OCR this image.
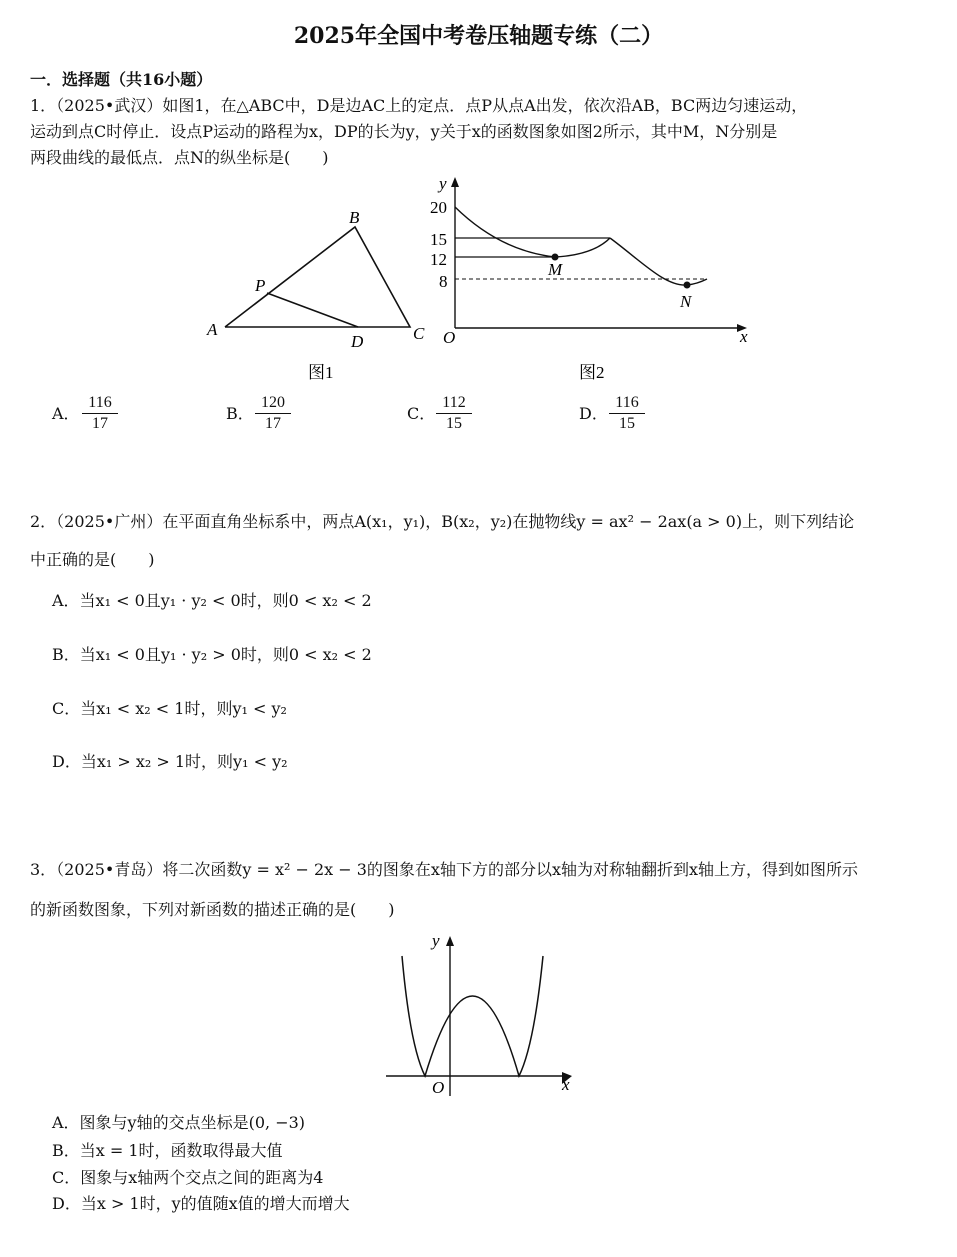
2025年全国中考卷压轴题专练（二）
一．选择题（共16小题）
1．（2025•武汉）如图1，在△ABC中，D是边AC上的定点．点P从点A出发，依次沿AB，BC两边匀速运动，
运动到点C时停止．设点P运动的路程为x，DP的长为y，y关于x的函数图象如图2所示，其中M，N分别是
两段曲线的最低点．点N的纵坐标是(　　)
B
P
A
D	C
图1
y
x
O
20
15
12
8
M
N
图2
A． $\frac{116}{17}$	B． $\frac{120}{17}$	C． $\frac{112}{15}$	D． $\frac{116}{15}$
2．（2025•广州）在平面直角坐标系中，两点A(x₁，y₁)，B(x₂，y₂)在抛物线y = ax² − 2ax(a > 0)上，则下列结论
中正确的是(　　)
A．当x₁ < 0且y₁ · y₂ < 0时，则0 < x₂ < 2
B．当x₁ < 0且y₁ · y₂ > 0时，则0 < x₂ < 2
C．当x₁ < x₂ < 1时，则y₁ < y₂
D．当x₁ > x₂ > 1时，则y₁ < y₂
3．（2025•青岛）将二次函数y = x² − 2x − 3的图象在x轴下方的部分以x轴为对称轴翻折到x轴上方，得到如图所示
的新函数图象，下列对新函数的描述正确的是(　　)
y
x
O
A．图象与y轴的交点坐标是(0, −3)
B．当x = 1时，函数取得最大值
C．图象与x轴两个交点之间的距离为4
D．当x > 1时，y的值随x值的增大而增大
